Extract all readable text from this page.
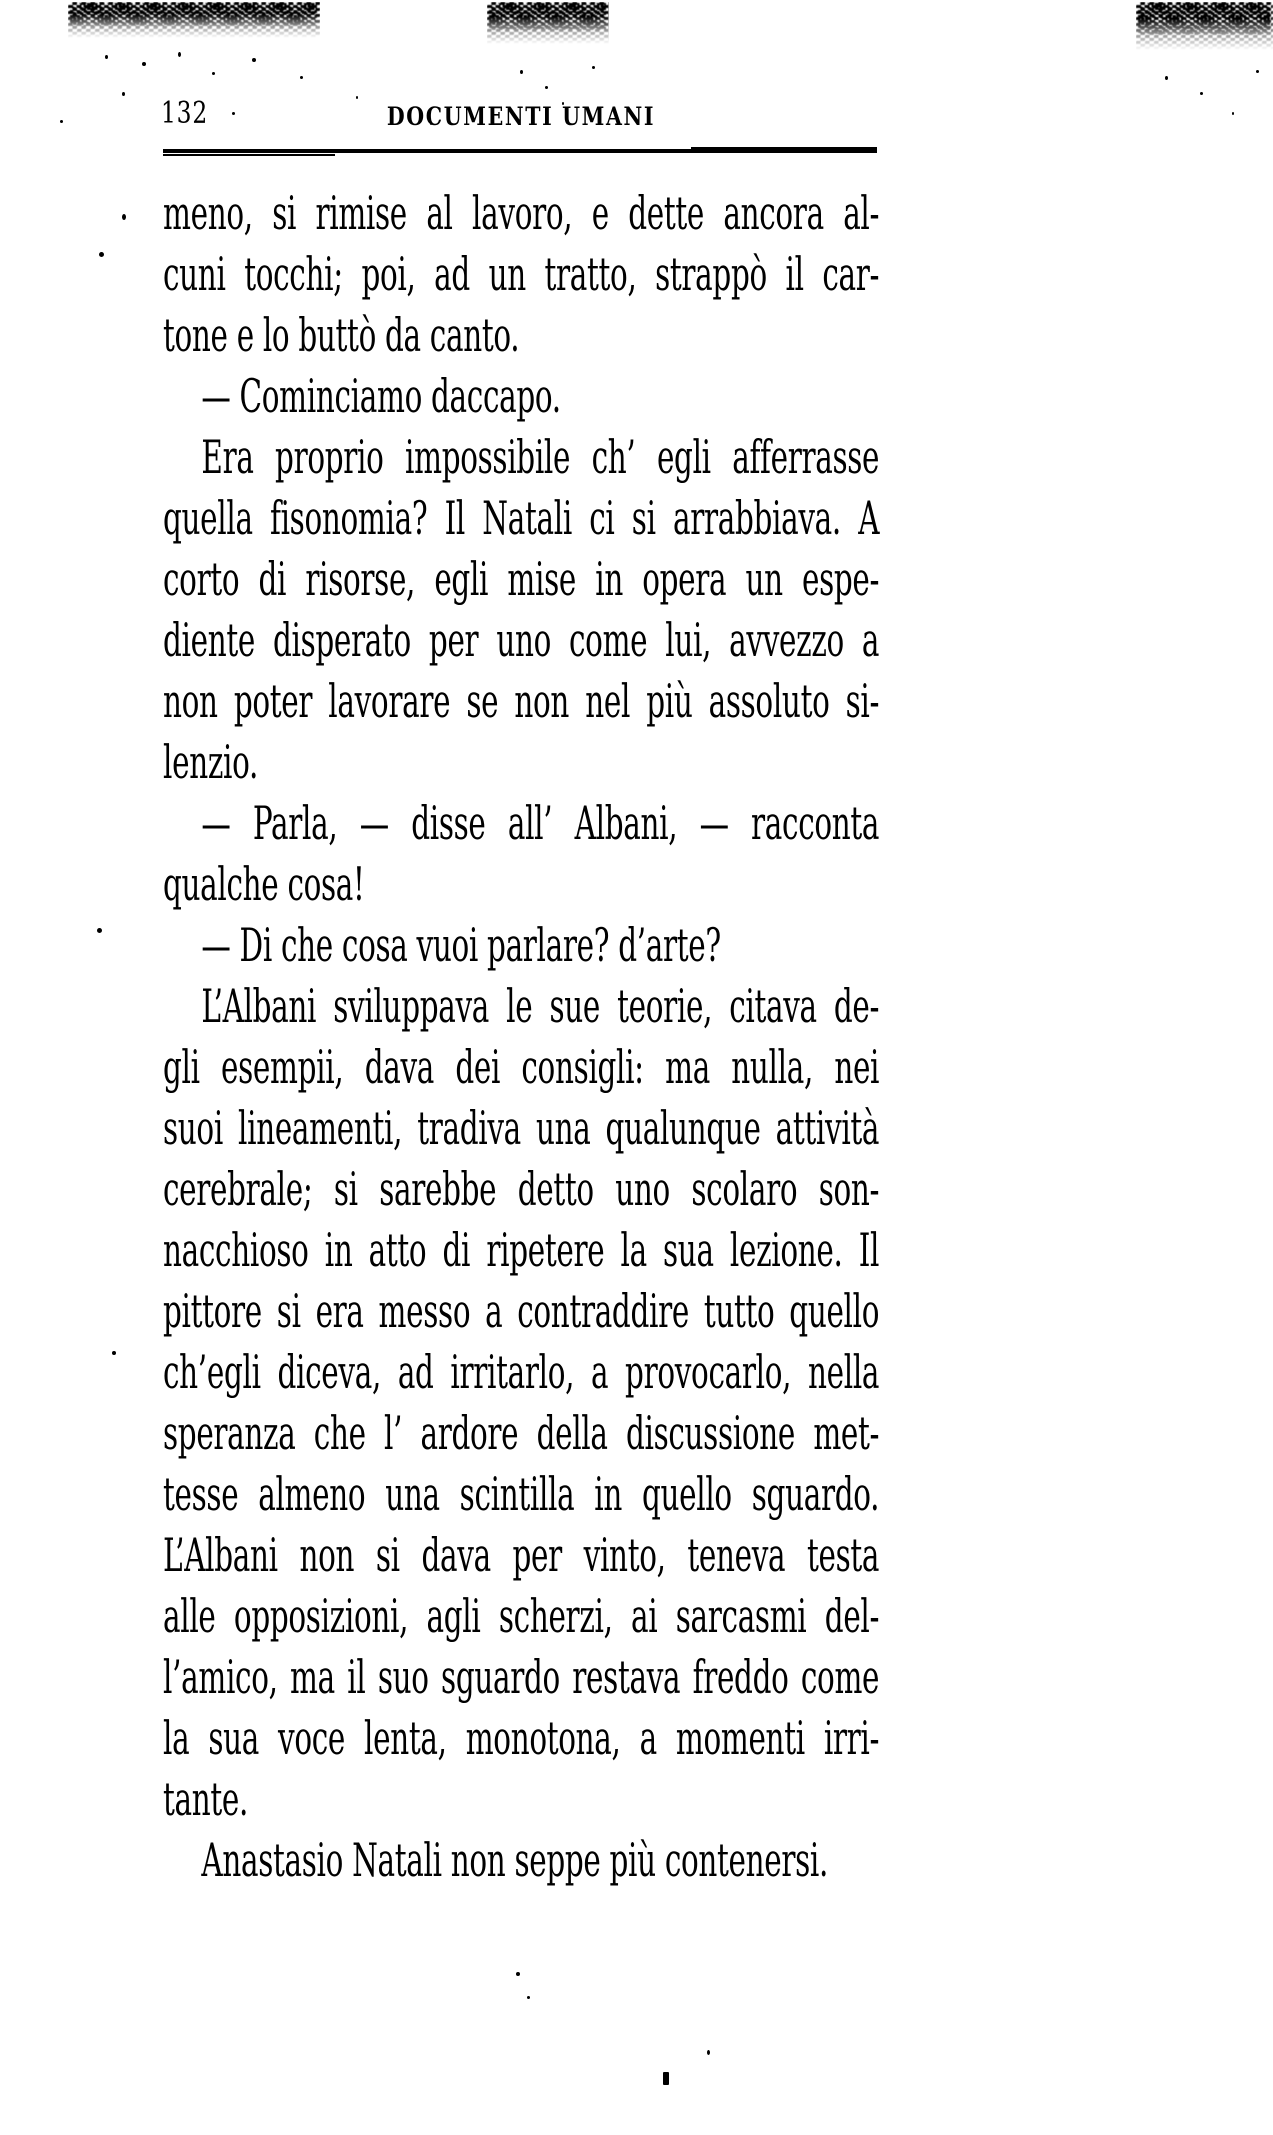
132	DOCUMENTI UMANI
meno, si rimise al lavoro, e dette ancora al-
cuni tocchi; poi, ad un tratto, strappò il car-
tone e lo buttò da canto.
— Cominciamo daccapo.
Era proprio impossibile ch’ egli afferrasse
quella fisonomia? Il Natali ci si arrabbiava. A
corto di risorse, egli mise in opera un espe-
diente disperato per uno come lui, avvezzo a
non poter lavorare se non nel più assoluto si-
lenzio.
— Parla, — disse all’ Albani, — racconta
qualche cosa!
— Di che cosa vuoi parlare? d’arte?
L’Albani sviluppava le sue teorie, citava de-
gli esempii, dava dei consigli: ma nulla, nei
suoi lineamenti, tradiva una qualunque attività
cerebrale; si sarebbe detto uno scolaro son-
nacchioso in atto di ripetere la sua lezione. Il
pittore si era messo a contraddire tutto quello
ch’egli diceva, ad irritarlo, a provocarlo, nella
speranza che l’ ardore della discussione met-
tesse almeno una scintilla in quello sguardo.
L’Albani non si dava per vinto, teneva testa
alle opposizioni, agli scherzi, ai sarcasmi del-
l’amico, ma il suo sguardo restava freddo come
la sua voce lenta, monotona, a momenti irri-
tante.
Anastasio Natali non seppe più contenersi.
